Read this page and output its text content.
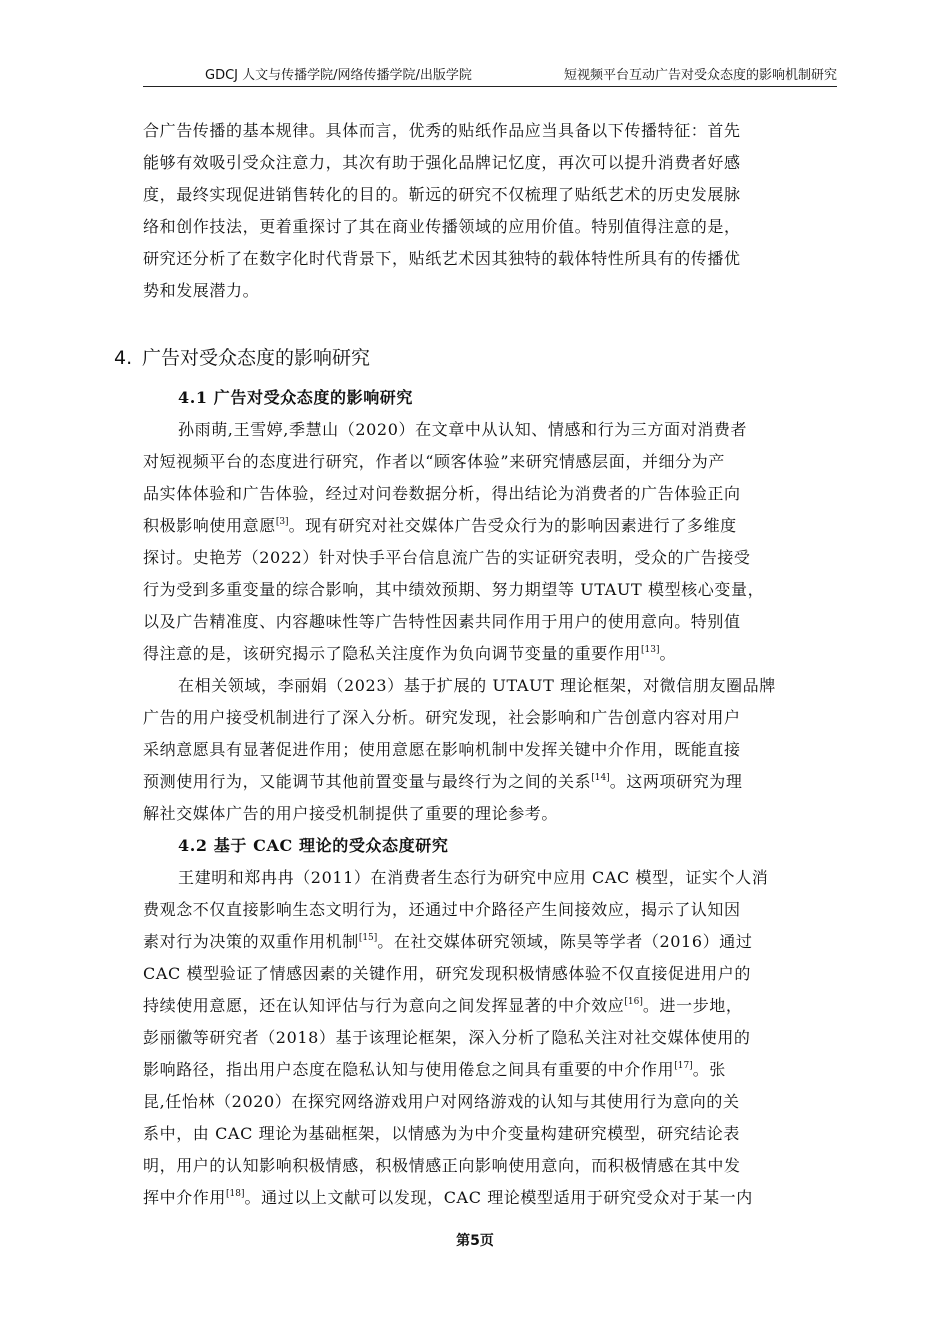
GDCJ 人文与传播学院/网络传播学院/出版学院	短视频平台互动广告对受众态度的影响机制研究
合广告传播的基本规律。具体而言，优秀的贴纸作品应当具备以下传播特征：首先
能够有效吸引受众注意力，其次有助于强化品牌记忆度，再次可以提升消费者好感
度，最终实现促进销售转化的目的。靳远的研究不仅梳理了贴纸艺术的历史发展脉
络和创作技法，更着重探讨了其在商业传播领域的应用价值。特别值得注意的是，
研究还分析了在数字化时代背景下，贴纸艺术因其独特的载体特性所具有的传播优
势和发展潜力。
4. 广告对受众态度的影响研究
4.1 广告对受众态度的影响研究
孙雨萌,王雪婷,季慧山（2020）在文章中从认知、情感和行为三方面对消费者
对短视频平台的态度进行研究，作者以“顾客体验”来研究情感层面，并细分为产
品实体体验和广告体验，经过对问卷数据分析，得出结论为消费者的广告体验正向
积极影响使用意愿[3]。现有研究对社交媒体广告受众行为的影响因素进行了多维度
探讨。史艳芳（2022）针对快手平台信息流广告的实证研究表明，受众的广告接受
行为受到多重变量的综合影响，其中绩效预期、努力期望等 UTAUT 模型核心变量，
以及广告精准度、内容趣味性等广告特性因素共同作用于用户的使用意向。特别值
得注意的是，该研究揭示了隐私关注度作为负向调节变量的重要作用[13]。
在相关领域，李丽娟（2023）基于扩展的 UTAUT 理论框架，对微信朋友圈品牌
广告的用户接受机制进行了深入分析。研究发现，社会影响和广告创意内容对用户
采纳意愿具有显著促进作用；使用意愿在影响机制中发挥关键中介作用，既能直接
预测使用行为，又能调节其他前置变量与最终行为之间的关系[14]。这两项研究为理
解社交媒体广告的用户接受机制提供了重要的理论参考。
4.2 基于 CAC 理论的受众态度研究
王建明和郑冉冉（2011）在消费者生态行为研究中应用 CAC 模型，证实个人消
费观念不仅直接影响生态文明行为，还通过中介路径产生间接效应，揭示了认知因
素对行为决策的双重作用机制[15]。在社交媒体研究领域，陈昊等学者（2016）通过
CAC 模型验证了情感因素的关键作用，研究发现积极情感体验不仅直接促进用户的
持续使用意愿，还在认知评估与行为意向之间发挥显著的中介效应[16]。进一步地，
彭丽徽等研究者（2018）基于该理论框架，深入分析了隐私关注对社交媒体使用的
影响路径，指出用户态度在隐私认知与使用倦怠之间具有重要的中介作用[17]。张
昆,任怡林（2020）在探究网络游戏用户对网络游戏的认知与其使用行为意向的关
系中，由 CAC 理论为基础框架，以情感为为中介变量构建研究模型，研究结论表
明，用户的认知影响积极情感，积极情感正向影响使用意向，而积极情感在其中发
挥中介作用[18]。通过以上文献可以发现，CAC 理论模型适用于研究受众对于某一内
第5页
